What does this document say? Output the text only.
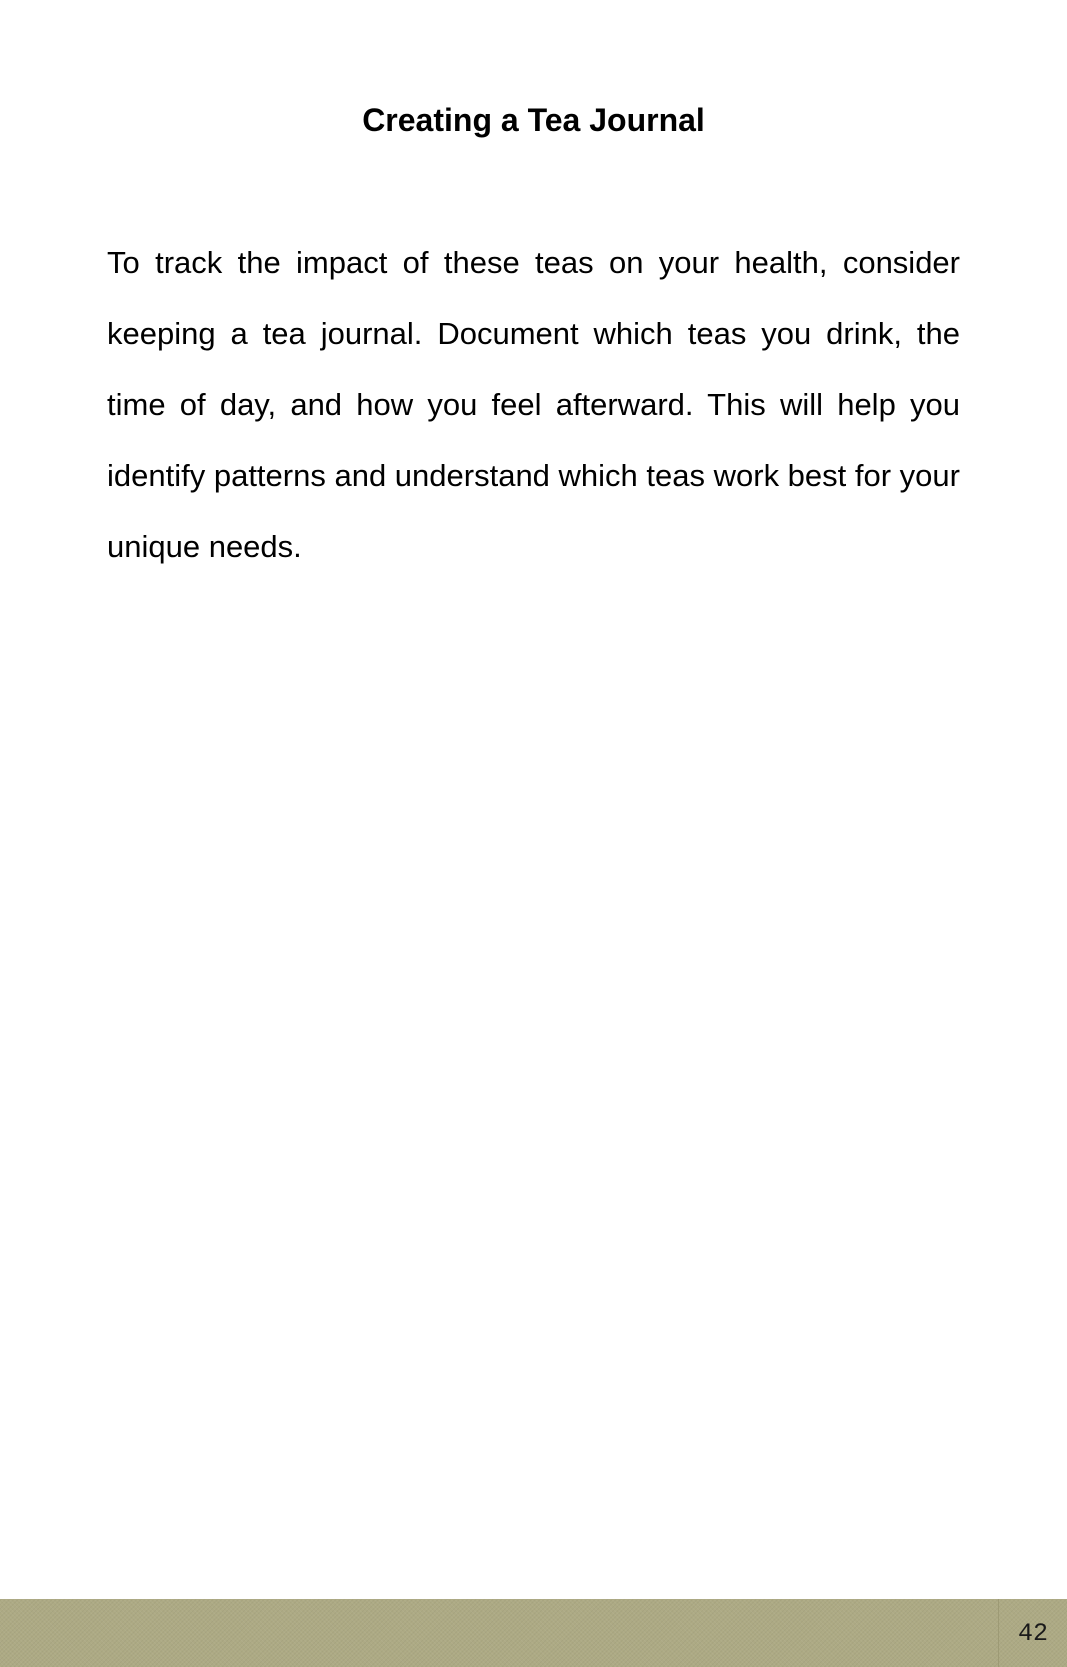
Creating a Tea Journal

To track the impact of these teas on your health, consider keeping a tea journal. Document which teas you drink, the time of day, and how you feel afterward. This will help you identify patterns and understand which teas work best for your unique needs.

42
